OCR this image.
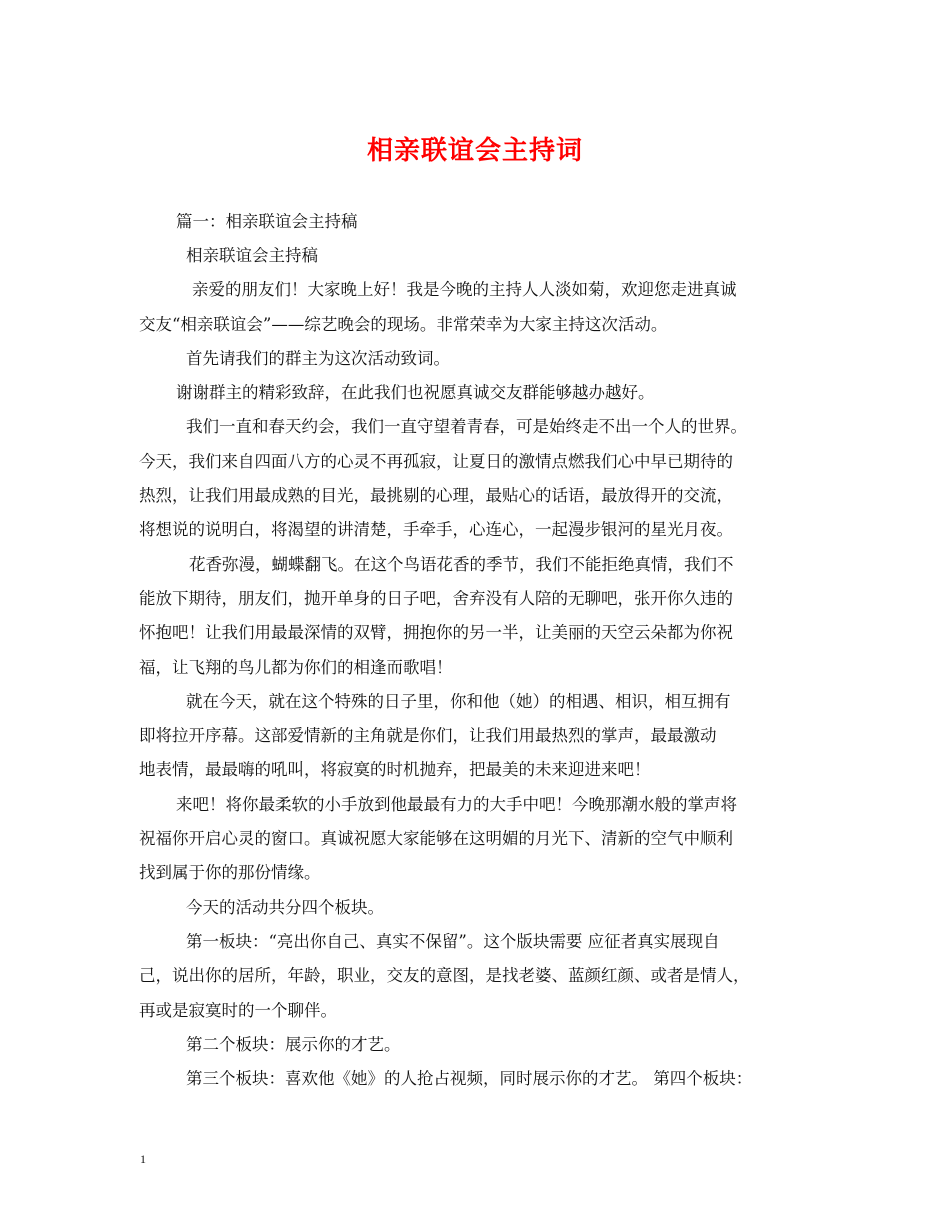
相亲联谊会主持词
篇一：相亲联谊会主持稿
相亲联谊会主持稿
亲爱的朋友们！大家晚上好！我是今晚的主持人人淡如菊，欢迎您走进真诚
交友“相亲联谊会”——综艺晚会的现场。非常荣幸为大家主持这次活动。
首先请我们的群主为这次活动致词。
谢谢群主的精彩致辞，在此我们也祝愿真诚交友群能够越办越好。
我们一直和春天约会，我们一直守望着青春，可是始终走不出一个人的世界。
今天，我们来自四面八方的心灵不再孤寂，让夏日的激情点燃我们心中早已期待的
热烈，让我们用最成熟的目光，最挑剔的心理，最贴心的话语，最放得开的交流，
将想说的说明白，将渴望的讲清楚，手牵手，心连心，一起漫步银河的星光月夜。
花香弥漫，蝴蝶翻飞。在这个鸟语花香的季节，我们不能拒绝真情，我们不
能放下期待，朋友们，抛开单身的日子吧，舍弃没有人陪的无聊吧，张开你久违的
怀抱吧！让我们用最最深情的双臂，拥抱你的另一半，让美丽的天空云朵都为你祝
福，让飞翔的鸟儿都为你们的相逢而歌唱！
就在今天，就在这个特殊的日子里，你和他（她）的相遇、相识，相互拥有
即将拉开序幕。这部爱情新的主角就是你们，让我们用最热烈的掌声，最最激动
地表情，最最嗨的吼叫，将寂寞的时机抛弃，把最美的未来迎进来吧！
来吧！将你最柔软的小手放到他最最有力的大手中吧！今晚那潮水般的掌声将
祝福你开启心灵的窗口。真诚祝愿大家能够在这明媚的月光下、清新的空气中顺利
找到属于你的那份情缘。
今天的活动共分四个板块。
第一板块：“亮出你自己、真实不保留”。这个版块需要 应征者真实展现自
己，说出你的居所，年龄，职业，交友的意图，是找老婆、蓝颜红颜、或者是情人，
再或是寂寞时的一个聊伴。
第二个板块：展示你的才艺。
第三个板块：喜欢他《她》的人抢占视频，同时展示你的才艺。 第四个板块：
1
